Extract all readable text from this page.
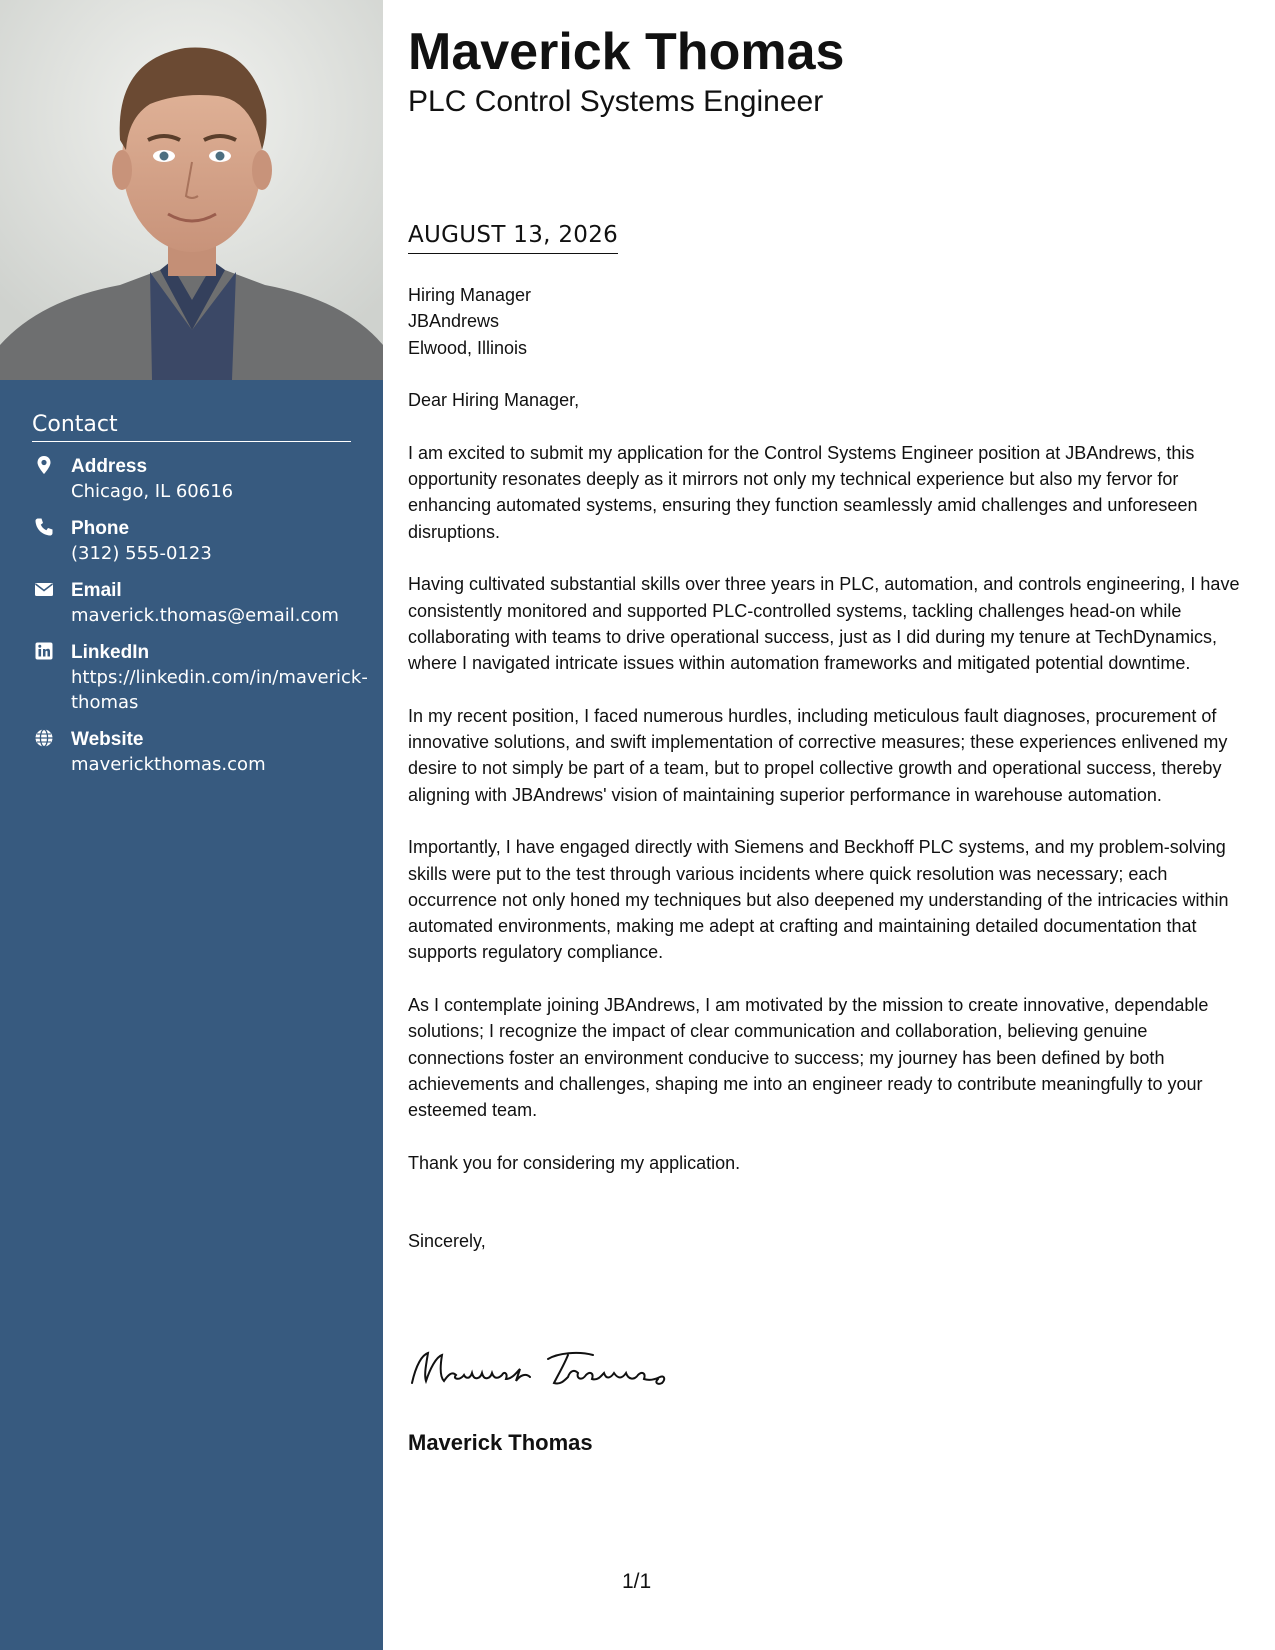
Contact
Address
Chicago, IL 60616
Phone
(312) 555-0123
Email
maverick.thomas@email.com
LinkedIn
https://linkedin.com/in/maverick-thomas
Website
maverickthomas.com
Maverick Thomas
PLC Control Systems Engineer
AUGUST 13, 2026

Hiring Manager
JBAndrews
Elwood, Illinois

Dear Hiring Manager,

I am excited to submit my application for the Control Systems Engineer position at JBAndrews, this opportunity resonates deeply as it mirrors not only my technical experience but also my fervor for enhancing automated systems, ensuring they function seamlessly amid challenges and unforeseen disruptions.

Having cultivated substantial skills over three years in PLC, automation, and controls engineering, I have consistently monitored and supported PLC-controlled systems, tackling challenges head-on while collaborating with teams to drive operational success, just as I did during my tenure at TechDynamics, where I navigated intricate issues within automation frameworks and mitigated potential downtime.

In my recent position, I faced numerous hurdles, including meticulous fault diagnoses, procurement of innovative solutions, and swift implementation of corrective measures; these experiences enlivened my desire to not simply be part of a team, but to propel collective growth and operational success, thereby aligning with JBAndrews' vision of maintaining superior performance in warehouse automation.

Importantly, I have engaged directly with Siemens and Beckhoff PLC systems, and my problem-solving skills were put to the test through various incidents where quick resolution was necessary; each occurrence not only honed my techniques but also deepened my understanding of the intricacies within automated environments, making me adept at crafting and maintaining detailed documentation that supports regulatory compliance.

As I contemplate joining JBAndrews, I am motivated by the mission to create innovative, dependable solutions; I recognize the impact of clear communication and collaboration, believing genuine connections foster an environment conducive to success; my journey has been defined by both achievements and challenges, shaping me into an engineer ready to contribute meaningfully to your esteemed team.

Thank you for considering my application.

Sincerely,

Maverick Thomas
1/1
